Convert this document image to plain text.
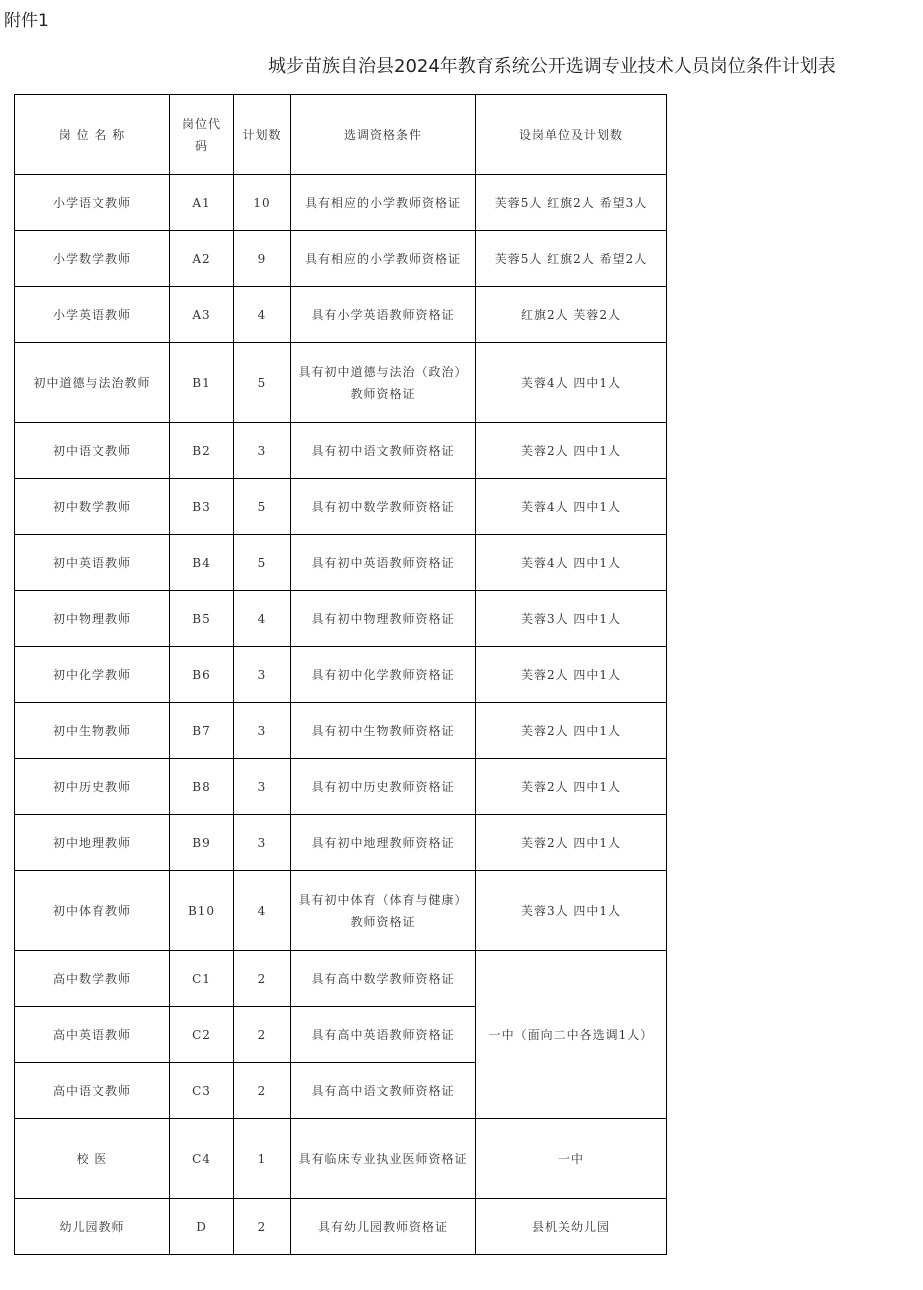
附件1
城步苗族自治县2024年教育系统公开选调专业技术人员岗位条件计划表
岗 位 名 称	岗位代码	计划数	选调资格条件	设岗单位及计划数
小学语文教师	A1	10	具有相应的小学教师资格证	芙蓉5人 红旗2人 希望3人
小学数学教师	A2	9	具有相应的小学教师资格证	芙蓉5人 红旗2人 希望2人
小学英语教师	A3	4	具有小学英语教师资格证	红旗2人 芙蓉2人
初中道德与法治教师	B1	5	具有初中道德与法治（政治）教师资格证	芙蓉4人 四中1人
初中语文教师	B2	3	具有初中语文教师资格证	芙蓉2人 四中1人
初中数学教师	B3	5	具有初中数学教师资格证	芙蓉4人 四中1人
初中英语教师	B4	5	具有初中英语教师资格证	芙蓉4人 四中1人
初中物理教师	B5	4	具有初中物理教师资格证	芙蓉3人 四中1人
初中化学教师	B6	3	具有初中化学教师资格证	芙蓉2人 四中1人
初中生物教师	B7	3	具有初中生物教师资格证	芙蓉2人 四中1人
初中历史教师	B8	3	具有初中历史教师资格证	芙蓉2人 四中1人
初中地理教师	B9	3	具有初中地理教师资格证	芙蓉2人 四中1人
初中体育教师	B10	4	具有初中体育（体育与健康）教师资格证	芙蓉3人 四中1人
高中数学教师	C1	2	具有高中数学教师资格证	一中（面向二中各选调1人）
高中英语教师	C2	2	具有高中英语教师资格证	
高中语文教师	C3	2	具有高中语文教师资格证	
校 医	C4	1	具有临床专业执业医师资格证	一中
幼儿园教师	D	2	具有幼儿园教师资格证	县机关幼儿园
